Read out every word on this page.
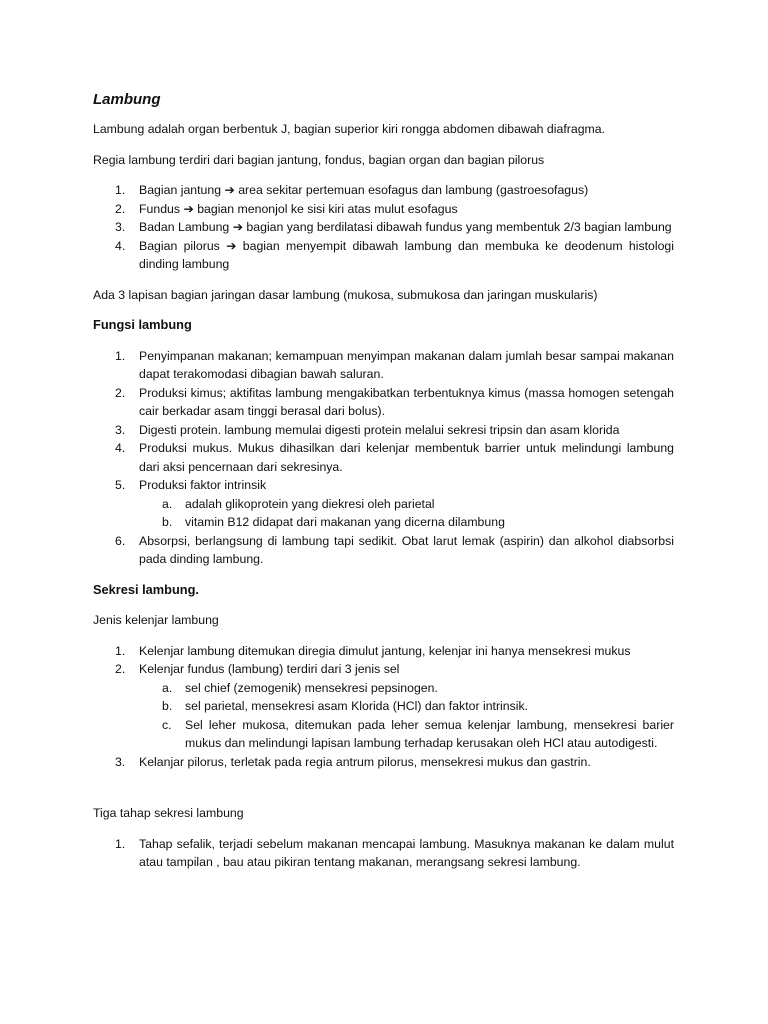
Lambung

Lambung adalah organ berbentuk J, bagian superior kiri rongga abdomen dibawah diafragma.

Regia lambung terdiri dari bagian jantung, fondus, bagian organ dan bagian pilorus

1. Bagian jantung ➔ area sekitar pertemuan esofagus dan lambung (gastroesofagus)
2. Fundus ➔ bagian menonjol ke sisi kiri atas mulut esofagus
3. Badan Lambung ➔ bagian yang berdilatasi dibawah fundus yang membentuk 2/3 bagian lambung
4. Bagian pilorus ➔ bagian menyempit dibawah lambung dan membuka ke deodenum histologi dinding lambung

Ada 3 lapisan bagian jaringan dasar lambung (mukosa, submukosa dan jaringan muskularis)

Fungsi lambung

1. Penyimpanan makanan; kemampuan menyimpan makanan dalam jumlah besar sampai makanan dapat terakomodasi dibagian bawah saluran.
2. Produksi kimus; aktifitas lambung mengakibatkan terbentuknya kimus (massa homogen setengah cair berkadar asam tinggi berasal dari bolus).
3. Digesti protein. lambung memulai digesti protein melalui sekresi tripsin dan asam klorida
4. Produksi mukus. Mukus dihasilkan dari kelenjar membentuk barrier untuk melindungi lambung dari aksi pencernaan dari sekresinya.
5. Produksi faktor intrinsik
a. adalah glikoprotein yang diekresi oleh parietal
b. vitamin B12 didapat dari makanan yang dicerna dilambung
6. Absorpsi, berlangsung di lambung tapi sedikit. Obat larut lemak (aspirin) dan alkohol diabsorbsi pada dinding lambung.

Sekresi lambung.

Jenis kelenjar lambung

1. Kelenjar lambung ditemukan diregia dimulut jantung, kelenjar ini hanya mensekresi mukus
2. Kelenjar fundus (lambung) terdiri dari 3 jenis sel
a. sel chief (zemogenik) mensekresi pepsinogen.
b. sel parietal, mensekresi asam Klorida (HCl) dan faktor intrinsik.
c. Sel leher mukosa, ditemukan pada leher semua kelenjar lambung, mensekresi barier mukus dan melindungi lapisan lambung terhadap kerusakan oleh HCl atau autodigesti.
3. Kelanjar pilorus, terletak pada regia antrum pilorus, mensekresi mukus dan gastrin.

Tiga tahap sekresi lambung

1. Tahap sefalik, terjadi sebelum makanan mencapai lambung. Masuknya makanan ke dalam mulut atau tampilan , bau atau pikiran tentang makanan, merangsang sekresi lambung.
